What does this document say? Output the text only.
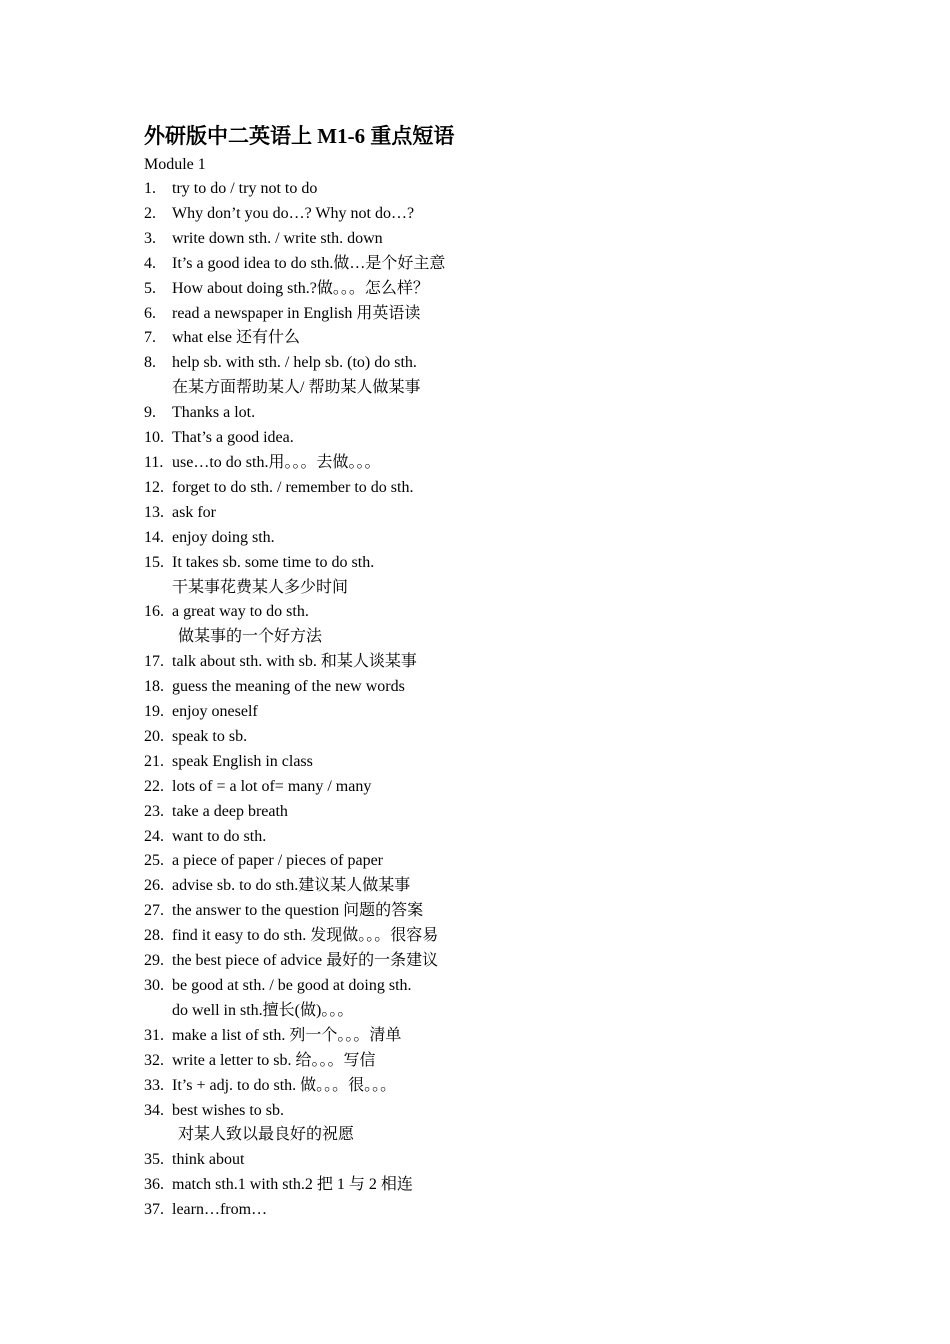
外研版中二英语上 M1-6 重点短语
Module 1
1. try to do / try not to do
2. Why don’t you do…? Why not do…?
3. write down sth. / write sth. down
4. It’s a good idea to do sth.做…是个好主意
5. How about doing sth.?做。。。怎么样？
6. read a newspaper in English 用英语读
7. what else 还有什么
8. help sb. with sth. / help sb. (to) do sth.
在某方面帮助某人/ 帮助某人做某事
9. Thanks a lot.
10. That’s a good idea.
11. use…to do sth.用。。。去做。。。
12. forget to do sth. / remember to do sth.
13. ask for
14. enjoy doing sth.
15. It takes sb. some time to do sth.
干某事花费某人多少时间
16. a great way to do sth.
做某事的一个好方法
17. talk about sth. with sb. 和某人谈某事
18. guess the meaning of the new words
19. enjoy oneself
20. speak to sb.
21. speak English in class
22. lots of = a lot of= many / many
23. take a deep breath
24. want to do sth.
25. a piece of paper / pieces of paper
26. advise sb. to do sth.建议某人做某事
27. the answer to the question 问题的答案
28. find it easy to do sth. 发现做。。。很容易
29. the best piece of advice 最好的一条建议
30. be good at sth. / be good at doing sth.
do well in sth.擅长(做)。。。
31. make a list of sth. 列一个。。。清单
32. write a letter to sb. 给。。。写信
33. It’s + adj. to do sth. 做。。。很。。。
34. best wishes to sb.
对某人致以最良好的祝愿
35. think about
36. match sth.1 with sth.2 把 1 与 2 相连
37. learn…from…
